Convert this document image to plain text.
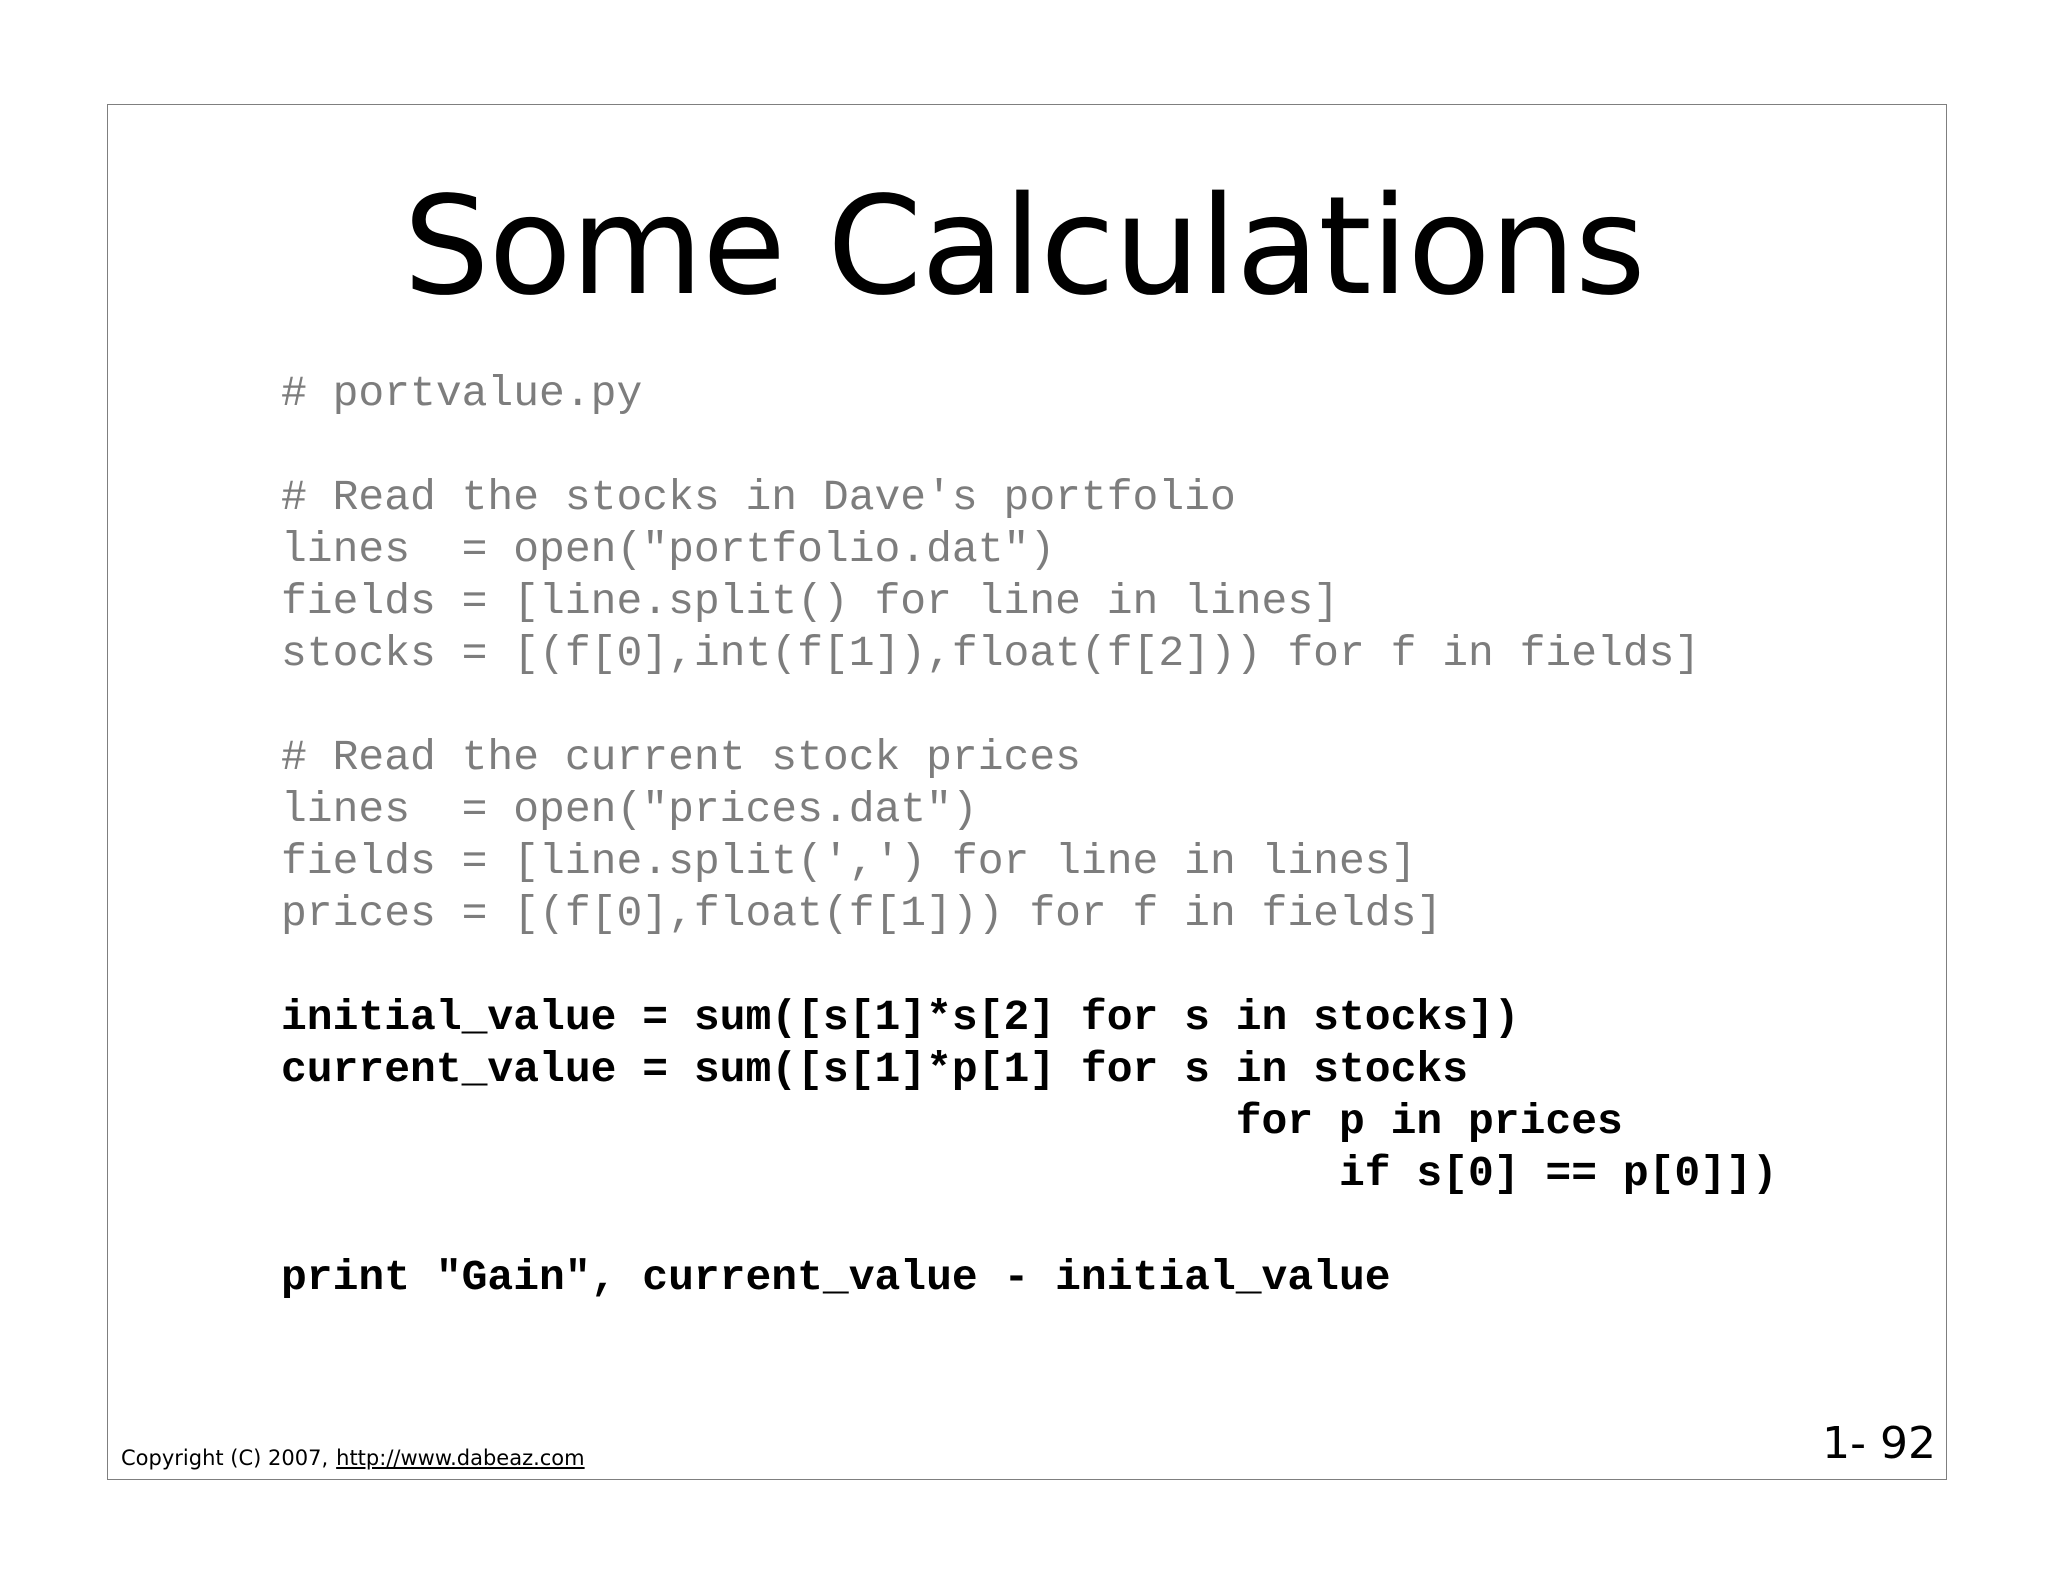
Some Calculations
# portvalue.py

# Read the stocks in Dave's portfolio
lines  = open("portfolio.dat")
fields = [line.split() for line in lines]
stocks = [(f[0],int(f[1]),float(f[2])) for f in fields]

# Read the current stock prices
lines  = open("prices.dat")
fields = [line.split(',') for line in lines]
prices = [(f[0],float(f[1])) for f in fields]

initial_value = sum([s[1]*s[2] for s in stocks])
current_value = sum([s[1]*p[1] for s in stocks
for p in prices
if s[0] == p[0]])

print "Gain", current_value - initial_value
Copyright (C) 2007, http://www.dabeaz.com	1- 92
